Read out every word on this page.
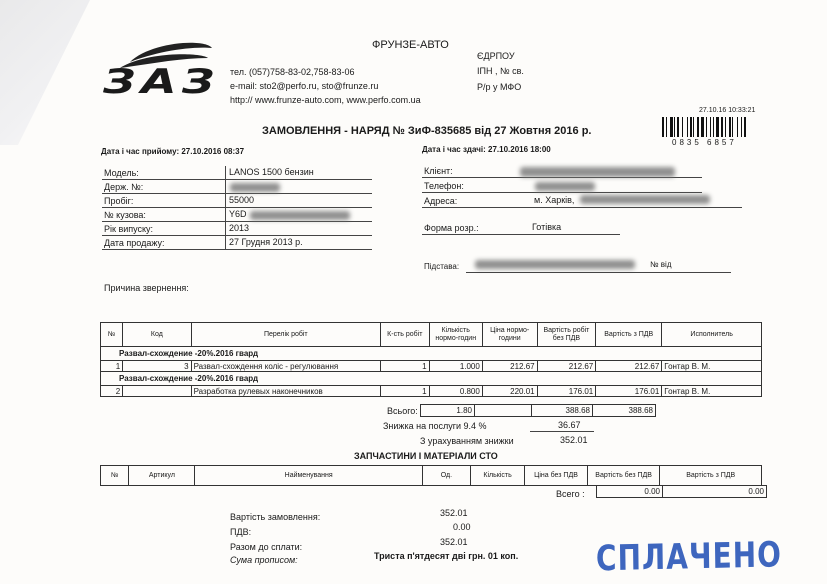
ЗАЗ
ФРУНЗЕ-АВТО
тел. (057)758-83-02,758-83-06
e-mail: sto2@perfo.ru, sto@frunze.ru
http:// www.frunze-auto.com, www.perfo.com.ua
ЄДРПОУ
ІПН , № св.
Р/р у МФО
27.10.16 10:33:21
0835 6857
ЗАМОВЛЕННЯ - НАРЯД № ЗиФ-835685 від 27 Жовтня 2016 р.
Дата і час прийому: 27.10.2016 08:37	Дата і час здачі: 27.10.2016 18:00
Модель:	LANOS 1500 бензин
Держ. №:
Пробіг:	55000
№ кузова:	Y6D
Рік випуску:	2013
Дата продажу:	27 Грудня 2013 р.
Клієнт:
Телефон:
Адреса:	м. Харків,
Форма розр.:	Готівка
Підстава:	№ від
Причина звернення:
№	Код	Перелік робіт	К-сть робіт	Кількість нормо-годин	Ціна нормо-години	Вартість робіт без ПДВ	Вартість з ПДВ	Исполнитель
Развал-схождение -20%.2016 гвард								
1	3	Развал-схождення коліс - регулювання	1	1.000	212.67	212.67	212.67	Гонтар В. М.
Развал-схождение -20%.2016 гвард								
2		Разработка рулевых наконечников	1	0.800	220.01	176.01	176.01	Гонтар В. М.
Всього:	1.80		388.68	388.68
Знижка на послуги 9.4 %	36.67
З урахуванням знижки	352.01
ЗАПЧАСТИНИ І МАТЕРІАЛИ СТО
№	Артикул	Найменування	Од.	Кількість	Ціна без ПДВ	Вартість без ПДВ	Вартість з ПДВ
Всего :	0.00	0.00
Вартість замовлення:	352.01
ПДВ:	0.00
Разом до сплати:	352.01
Сума прописом:	Триста п'ятдесят дві грн. 01 коп.	СПЛАЧЕНО
